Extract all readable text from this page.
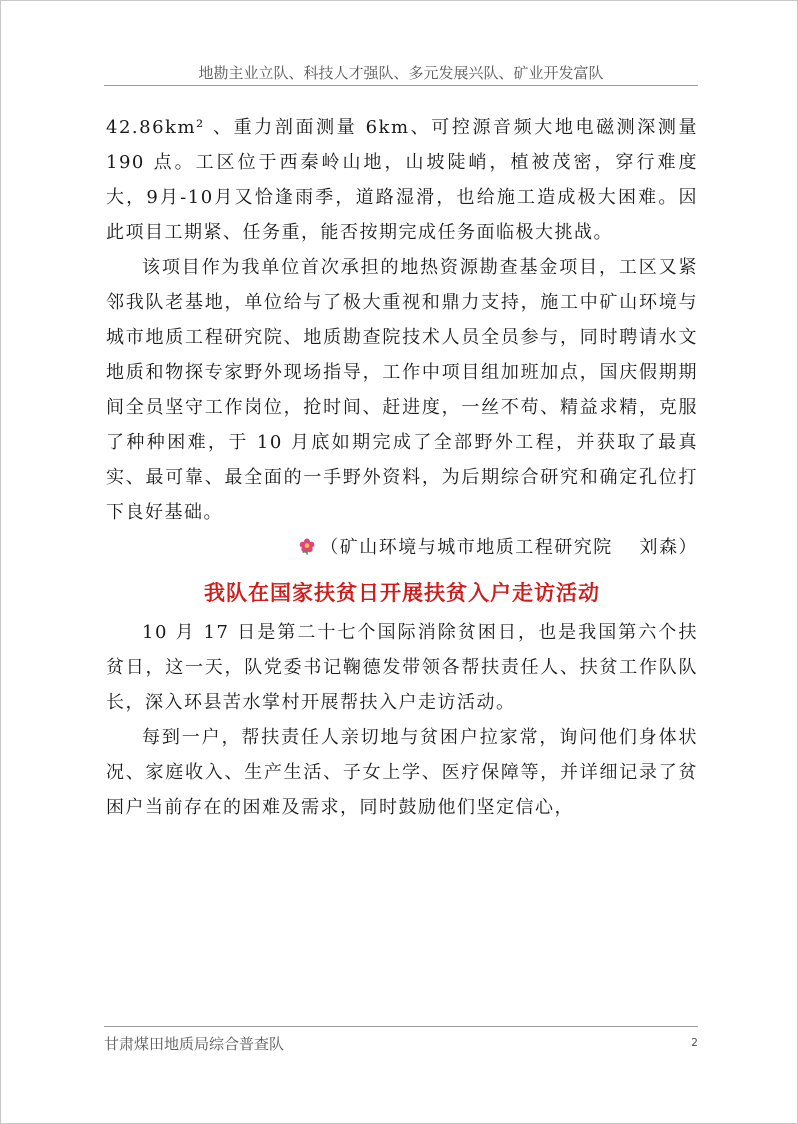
地勘主业立队、科技人才强队、多元发展兴队、矿业开发富队

42.86km² 、重力剖面测量 6km、可控源音频大地电磁测深测量190 点。工区位于西秦岭山地，山坡陡峭，植被茂密，穿行难度大，9月-10月又恰逢雨季，道路湿滑，也给施工造成极大困难。因此项目工期紧、任务重，能否按期完成任务面临极大挑战。

该项目作为我单位首次承担的地热资源勘查基金项目，工区又紧邻我队老基地，单位给与了极大重视和鼎力支持，施工中矿山环境与城市地质工程研究院、地质勘查院技术人员全员参与，同时聘请水文地质和物探专家野外现场指导，工作中项目组加班加点，国庆假期期间全员坚守工作岗位，抢时间、赶进度，一丝不苟、精益求精，克服了种种困难，于 10 月底如期完成了全部野外工程，并获取了最真实、最可靠、最全面的一手野外资料，为后期综合研究和确定孔位打下良好基础。

（矿山环境与城市地质工程研究院　 刘森）

我队在国家扶贫日开展扶贫入户走访活动

10 月 17 日是第二十七个国际消除贫困日，也是我国第六个扶贫日，这一天，队党委书记鞠德发带领各帮扶责任人、扶贫工作队队长，深入环县苦水掌村开展帮扶入户走访活动。

每到一户，帮扶责任人亲切地与贫困户拉家常，询问他们身体状况、家庭收入、生产生活、子女上学、医疗保障等，并详细记录了贫困户当前存在的困难及需求，同时鼓励他们坚定信心，

甘肃煤田地质局综合普查队	2
